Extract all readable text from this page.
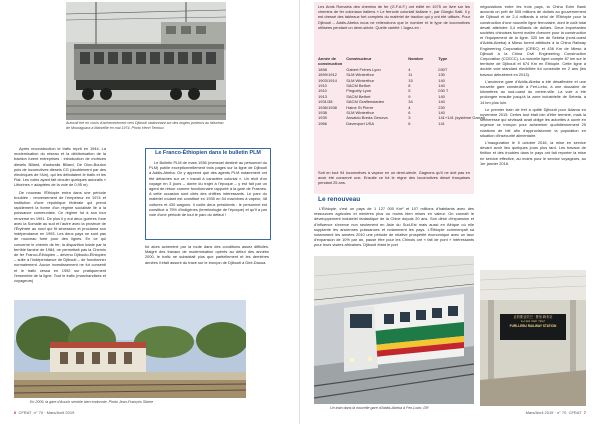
Autorail tiré en cours d'acheminement vers Djibouti stationnant sur des bogies porteurs au faisceau de Mouraguara à Marseille en mai 1974. Photo Henri Tenioux

Après reconstruction le trafic reprit en 1944. La modernisation du réseau et la débitorisation de la traction furent entreprises : introduction de motrices diesels Billard, d'autorails Billard, De Dion-Bouton puis de locomotives diesels CG (doublement par des électriques de l'Ain), qui les débutaient le trafic et les Fiat. Les voies ayant fait circuler quelques autorails « Littorines » adaptées de la voie de 0,95 m).

De nouveau l'Éthiopie entra dans une période troublée : renversement de l'empereur en 1974 et institution d'une république fédérale qui prend rapidement la forme d'un régime socialiste lié à la puissance communiste. Ce régime fut à son tour renversé en 1991. De plus il y eut deux guerres l'une avec la Somalie au sud et l'autre avec la province de l'Érythrée au nord qui fit sécession et proclama son indépendance en 1993. Les deux pays ne sont pas de nouveau forte pour des lignes. En ce qui concerne le chemin de fer, la disparition totale par la terrible famine de 1984, ne permettait pas la Chemin de fer Franco-Éthiopien – devenu Djibouto-Éthiopien – suite à l'indépendance de Djibouti – de fonctionner normalement. Aucun investissement ne fut consenti et le trafic cessa en 1992 sur pratiquement l'ensemble de la ligne. Tout le trafic (marchandises et voyageurs)

Le Franco-Éthiopien dans le bulletin PLM

Le Bulletin PLM de mars 1936 (mensuel destiné au personnel du PLM) publie exceptionnellement trois pages sur la ligne de Djibouti à Addis-Abeba. On y apprend que des agents PLM notamment ont été détachés sur ce « travail à caractère colonial ». Un récit d'un voyage en 3 jours – durée du trajet à l'époque – y est fait par un agent de retour comme fonctionnaire rapporté à la gare de Frasnes. A cette occasion sont cités des chiffres intéressants. Le parc du matériel roulant est constitué en 1935 en 54 machines à vapeur, 48 voitures et 430 wagons. Il coûte deux présidents : le personnel est constitué à 75% d'indigènes (terminologie de l'époque) et qu'il a par voie d'une période de tout le parc du défaut !

fut alors acheminé par la route dans des conditions assez difficiles. Malgré des travaux de modernisation opérés au début des années 2000, le trafic ne subsistait plus que partiellement et les dernières années il était assuré du tracé sur le tronçon de Djibouti à Diré-Daoua.

En 2009, la gare d'Aouch semble bien endormie. Photo Jean-François Sibère

6 CFRAT n° 70 · Mars/Avril 2019

Les Amis Romains des chemins de fer (G.F.A.F.) ont édité en 1975 un livre sur les chemins de fer coloniaux italiens « Le ferrovie coloniali italiane », par Giorgio Salti. Il y est dressé des tableaux fort complets du matériel de traction qui y ont été utilisés. Pour Djibouti – Addis-Abeba nous ne retiendrons que le nombre et le type de locomotives utilisées pendant un demi-siècle. Quelle variété ! Jugez-en :

Année de construction	Constructeur	Nombre	Type
1898	Gabert Frères Lyon	4	030T
1899/1912	SLM Winterthur	11	130
1903/1914	SLM Winterthur	15	140
1910	SACM Belfort	8	140
1910	Pinguély Lyon	5	030 T
1913	SACM Belfort	9	140
1931/38	SACM Graffenstaden	34	140
1936/1938	Haine St Pierre	4	230
1938	SLM Winterthur	6	140
1939	Ansaldo Breda Genova	3	141+141 (système Garrat)
1966	Davenport USA	6	141

Soit en tout 94 locomotives à vapeur en un demi-siècle. Gageons qu'il ne doit pas en avoir été conservé une. Ensuite ce fut le règne des locomotives diesel françaises pendant 25 ans.

Le renouveau

L'Éthiopie, c'est un pays de 1 127 000 Km² et 107 millions d'habitants avec des ressources agricoles et minières plus ou moins bien mises en valeur. On connaît le développement industriel fantastique de la Chine depuis 20 ans. Son désir d'expansion et d'influence s'exerce non seulement en Asie du Sud-Est mais aussi en Afrique où elle supplante les anciennes puissances et notamment les pays. L'Éthiopie commençait sa notamment les années 2010 une période de relative prospérité économique avec un taux d'expansion de 10% par an, pause être pour les Chinois ont « fait de pont » intéressants pour leurs visées africaines. Djibouti étant le port

Un train dans la nouvelle gare d'Addis-Abeba à Feri-Lobo. DR

négociations entre les trois pays, la China Exim Bank accorda un prêt de 505 millions de dollars au gouvernement de Djibouti et de 2,4 milliards à celui de l'Éthiopie pour la construction d'une nouvelle ligne ferroviaire, dont le coût total devait atteindre 3,4 milliards de dollars. Deux importantes sociétés chinoises furent maître d'œuvre pour la construction et l'équipement de la ligne. 320 km de Sebeta (nord-ouest d'Addis-Abeba) à Mieso furent attribués à la China Railway Engineering Corporation (CREC) et 436 Km de Mieso à Djibouti à la China Civil Engineering Construction Corporation (CCECC). La nouvelle ligne compte 87 km sur le territoire de Djibouti et 674 Km en Éthiopie. Cette ligne à double voie standard électrifiée fut construite en 2 ans (les travaux débutèrent en 2013).

L'ancienne gare d'Addis-Abeba a été désaffectée et une nouvelle gare construite à Feri-Lebu, à une douzaine de kilomètres au sud-ouest du centre-ville. La voie a été prolongée ensuite jusqu'à la zone industrielle de Sebeta, à 14 km plus loin.

Le premier train de fret a quitté Djibouti pour Adama en novembre 2015. Certes tout était loin d'être terminé, mais la sécheresse qui sévissait avait obligé les autorités à ouvrir en urgence ce tronçon pour acheminer quotidiennement 25 rotations de blé afin d'approvisionner la population en situation d'insécurité alimentaire.

L'inauguration le 5 octobre 2016, la mise en service devant avoir lieu quelques jours plus tard. Les travaux de finition et des troubles dans le pays ont fait reporter la mise en service effective, au moins pour le service voyageurs, au 1er janvier 2018.

亚的斯亚贝巴 · 费里-勒布站
ፉሪ-ለቡ ባቡር ጣቢያ
FURI-LEBU RAILWAY STATION
Mars/Avril 2019 · n° 70 CFRAT 7
